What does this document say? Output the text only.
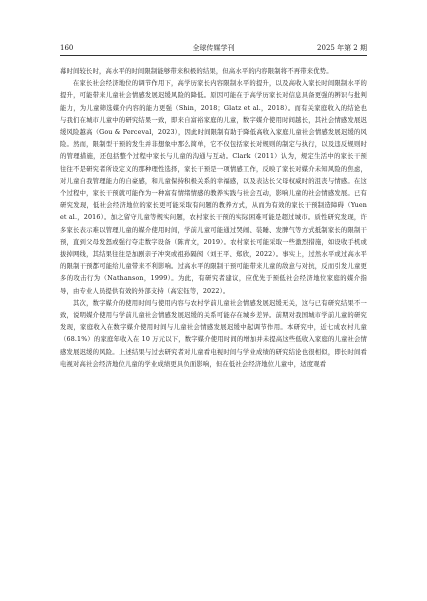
160	全球传媒学刊	2025 年第 2 期

幕时间较长时，高水平的时间限制能够带来积极的结果，但高水平的内容限制将不再带来优势。

在家长社会经济地位的调节作用下，高学历家长内容限制水平的提升，以及高收入家长时间限制水平的提升，可能带来儿童社会情感发展迟缓风险的降低。原因可能在于高学历家长对信息具备更强的辨识与批判能力，为儿童筛选媒介内容的能力更强（Shin，2018；Glatz et al.，2018）。而有关家庭收入的结论也与我们在城市儿童中的研究结果一致，即来自富裕家庭的儿童，数字媒介使用时间越长，其社会情感发展迟缓风险越高（Gou & Perceval，2023），因此时间限制有助于降低高收入家庭儿童社会情感发展迟缓的风险。然而，限制型干预的发生并非想象中那么简单，它不仅包括家长对规则的制定与执行，以及违反规则时的管理措施，还包括整个过程中家长与儿童的沟通与互动。Clark（2011）认为，规定生活中的家长干预往往不是研究者所设定义的那种理性选择，家长干预是一项情感工作，反映了家长对媒介未知风险的焦虑，对儿童自我管理能力的自豪感，和儿童保持积极关系的幸福感，以及表达长父母权威时的沮丧与情感。在这个过程中，家长干预就可能作为一种富有情绪情感的教养实践与社会互动，影响儿童的社会情感发展。已有研究发现，低社会经济地位的家长更可能采取有问题的教养方式，从而为有效的家长干预制造障碍（Yuen et al.，2016）。加之留守儿童等规实问题，农村家长干预的实际困难可能是超过城市。质性研究发现，许多家长表示难以管理儿童的媒介使用时间，学前儿童可能通过哭闹、装睡、发脾气等方式抵制家长的限制干预，直到父母发怒或强行夺走数字设备（陈青文，2019）。农村家长可能采取一些激烈措施，如设收手机或拔掉网线，其结果往往是加剧亲子冲突或祖孙隔阂（刘王平、郑欣，2022）。事实上，过然水平或过高水平的限制干预都可能给儿童带来不利影响。过高水平的限制干预可能带来儿童的敌意与对抗，反而引发儿童更多的攻击行为（Nathanson，1999）。为此，有研究者建议，应优先于预低社会经济地位家庭的媒介指导，由专业人员提供有效的外部支持（高宏钰等，2022）。

其次，数字媒介的使用时间与使用内容与农村学前儿童社会情感发展迟缓无关，这与已有研究结果不一致，说明媒介使用与学前儿童社会情感发展迟缓的关系可能存在城乡差异。前期对我国城市学前儿童的研究发现，家庭收入在数字媒介使用时间与儿童社会情感发展迟缓中起调节作用。本研究中，近七成农村儿童（68.1%）的家庭年收入在 10 万元以下，数字媒介使用时间的增加并未提高这些低收入家庭的儿童社会情感发展迟缓的风险。上述结果与过去研究者对儿童看电视时间与学业成绩的研究结论也很相似，即长时间看电视对高社会经济地位儿童的学业成绩更具负面影响，但在低社会经济地位儿童中，适度观看
